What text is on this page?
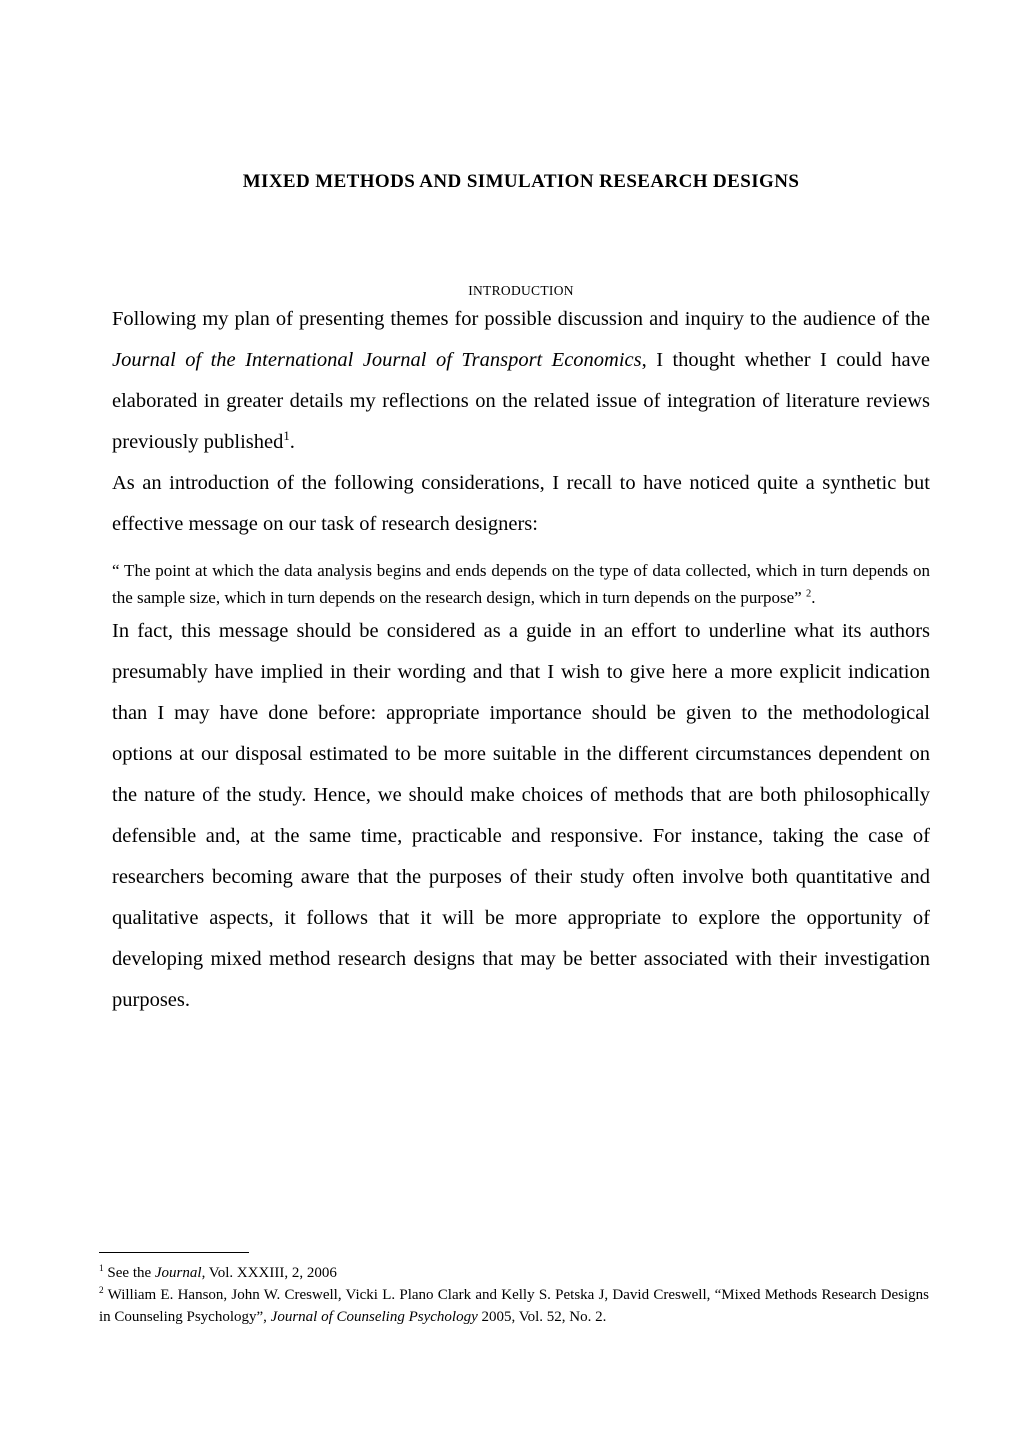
MIXED METHODS AND SIMULATION RESEARCH DESIGNS
INTRODUCTION

Following my plan of presenting themes for possible discussion and inquiry to the audience of the Journal of the International Journal of Transport Economics, I thought whether I could have elaborated in greater details my reflections on the related issue of integration of literature reviews previously published$^1$.

As an introduction of the following considerations, I recall to have noticed quite a synthetic but effective message on our task of research designers:

“ The point at which the data analysis begins and ends depends on the type of data collected, which in turn depends on the sample size, which in turn depends on the research design, which in turn depends on the purpose” $^2$.

In fact, this message should be considered as a guide in an effort to underline what its authors presumably have implied in their wording and that I wish to give here a more explicit indication than I may have done before: appropriate importance should be given to the methodological options at our disposal estimated to be more suitable in the different circumstances dependent on the nature of the study. Hence, we should make choices of methods that are both philosophically defensible and, at the same time, practicable and responsive. For instance, taking the case of researchers becoming aware that the purposes of their study often involve both quantitative and qualitative aspects, it follows that it will be more appropriate to explore the opportunity of developing mixed method research designs that may be better associated with their investigation purposes.

$^1$ See the Journal, Vol. XXXIII, 2, 2006

$^2$ William E. Hanson, John W. Creswell, Vicki L. Plano Clark and Kelly S. Petska J, David Creswell, “Mixed Methods Research Designs in Counseling Psychology”, Journal of Counseling Psychology 2005, Vol. 52, No. 2.
